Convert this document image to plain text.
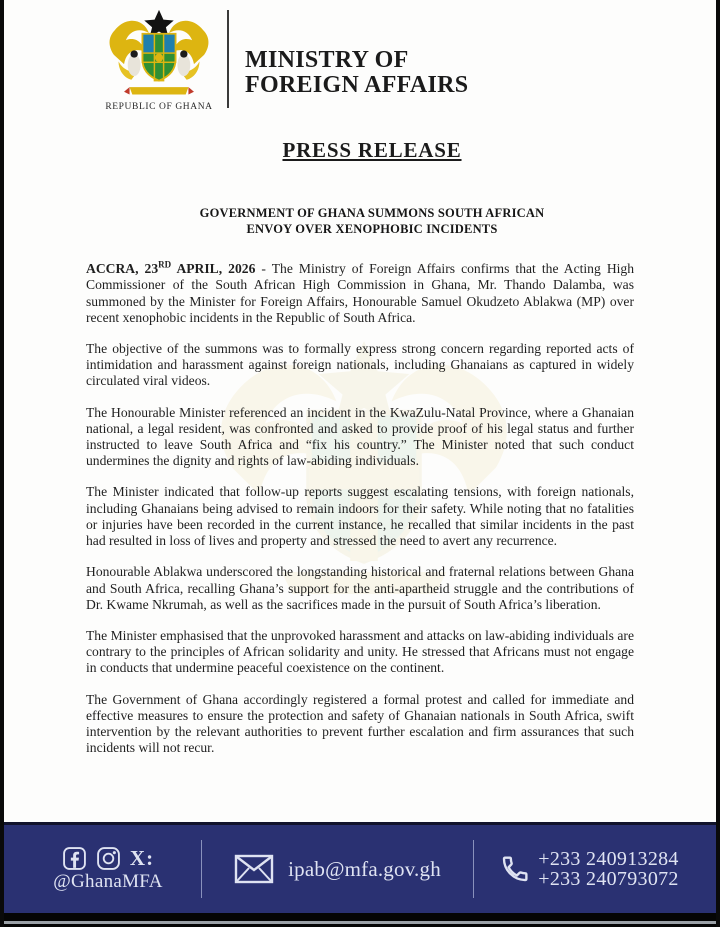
REPUBLIC OF GHANA
MINISTRY OF
FOREIGN AFFAIRS
PRESS RELEASE
GOVERNMENT OF GHANA SUMMONS SOUTH AFRICAN
ENVOY OVER XENOPHOBIC INCIDENTS

ACCRA, 23RD APRIL, 2026 - The Ministry of Foreign Affairs confirms that the Acting High Commissioner of the South African High Commission in Ghana, Mr. Thando Dalamba, was summoned by the Minister for Foreign Affairs, Honourable Samuel Okudzeto Ablakwa (MP) over recent xenophobic incidents in the Republic of South Africa.

The objective of the summons was to formally express strong concern regarding reported acts of intimidation and harassment against foreign nationals, including Ghanaians as captured in widely circulated viral videos.

The Honourable Minister referenced an incident in the KwaZulu-Natal Province, where a Ghanaian national, a legal resident, was confronted and asked to provide proof of his legal status and further instructed to leave South Africa and “fix his country.” The Minister noted that such conduct undermines the dignity and rights of law-abiding individuals.

The Minister indicated that follow-up reports suggest escalating tensions, with foreign nationals, including Ghanaians being advised to remain indoors for their safety. While noting that no fatalities or injuries have been recorded in the current instance, he recalled that similar incidents in the past had resulted in loss of lives and property and stressed the need to avert any recurrence.

Honourable Ablakwa underscored the longstanding historical and fraternal relations between Ghana and South Africa, recalling Ghana’s support for the anti-apartheid struggle and the contributions of Dr. Kwame Nkrumah, as well as the sacrifices made in the pursuit of South Africa’s liberation.

The Minister emphasised that the unprovoked harassment and attacks on law-abiding individuals are contrary to the principles of African solidarity and unity. He stressed that Africans must not engage in conducts that undermine peaceful coexistence on the continent.

The Government of Ghana accordingly registered a formal protest and called for immediate and effective measures to ensure the protection and safety of Ghanaian nationals in South Africa, swift intervention by the relevant authorities to prevent further escalation and firm assurances that such incidents will not recur.

X:
@GhanaMFA
ipab@mfa.gov.gh	+233 240913284
+233 240793072
